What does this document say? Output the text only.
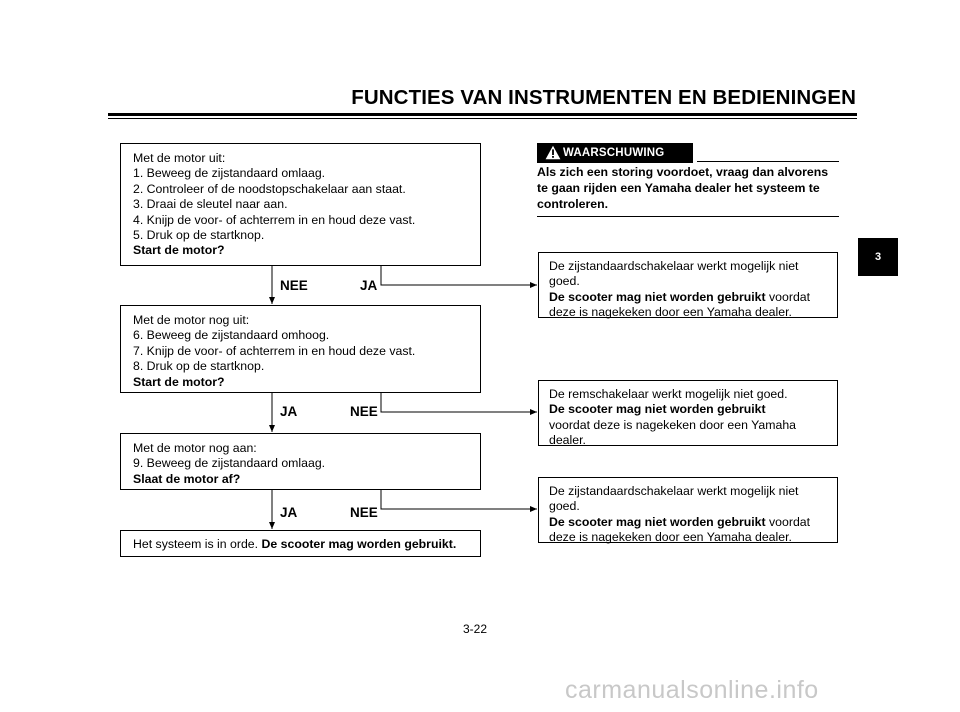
FUNCTIES VAN INSTRUMENTEN EN BEDIENINGEN
Met de motor uit:
1. Beweeg de zijstandaard omlaag.
2. Controleer of de noodstopschakelaar aan staat.
3. Draai de sleutel naar aan.
4. Knijp de voor- of achterrem in en houd deze vast.
5. Druk op de startknop.
Start de motor?
NEE	JA
Met de motor nog uit:
6. Beweeg de zijstandaard omhoog.
7. Knijp de voor- of achterrem in en houd deze vast.
8. Druk op de startknop.
Start de motor?
JA	NEE
Met de motor nog aan:
9. Beweeg de zijstandaard omlaag.
Slaat de motor af?
JA	NEE
Het systeem is in orde. De scooter mag worden gebruikt.
De zijstandaardschakelaar werkt mogelijk niet
goed.
De scooter mag niet worden gebruikt voordat
deze is nagekeken door een Yamaha dealer.
De remschakelaar werkt mogelijk niet goed.
De scooter mag niet worden gebruikt
voordat deze is nagekeken door een Yamaha
dealer.
De zijstandaardschakelaar werkt mogelijk niet
goed.
De scooter mag niet worden gebruikt voordat
deze is nagekeken door een Yamaha dealer.
WAARSCHUWING
Als zich een storing voordoet, vraag dan alvorens
te gaan rijden een Yamaha dealer het systeem te
controleren.
3
3-22
carmanualsonline.info
